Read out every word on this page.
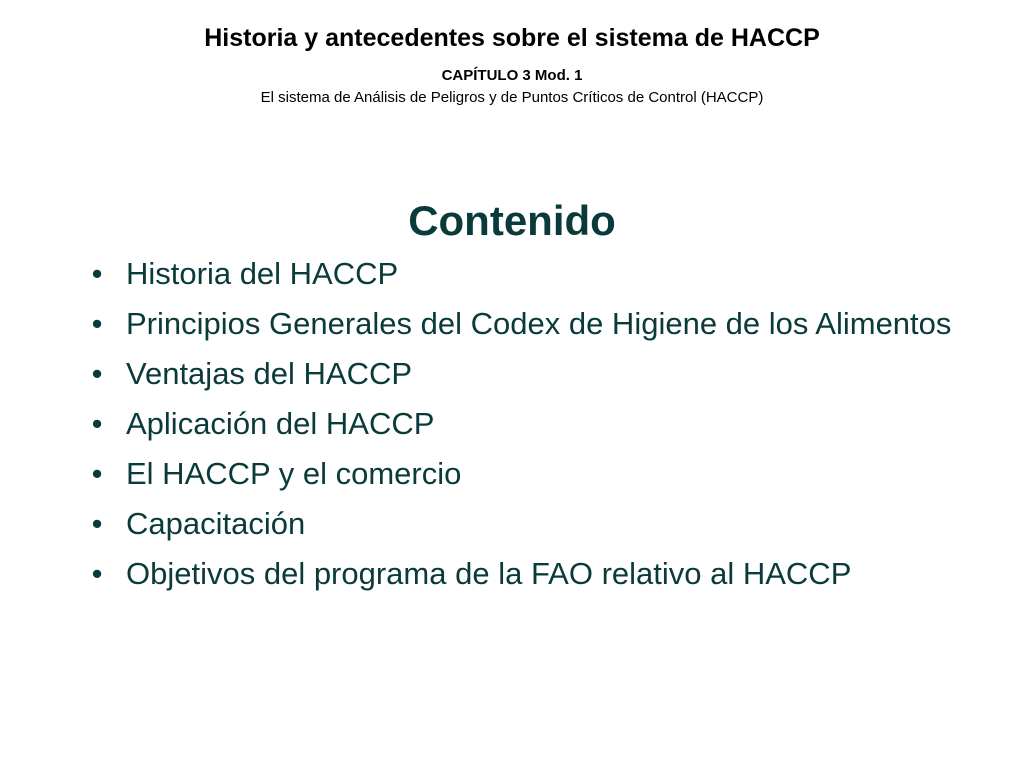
Historia y antecedentes sobre el sistema de HACCP
CAPÍTULO 3 Mod. 1
El sistema de Análisis de Peligros y de Puntos Críticos de Control (HACCP)
Contenido
• Historia del HACCP
• Principios Generales del Codex de Higiene de los Alimentos
• Ventajas del HACCP
• Aplicación del HACCP
• El HACCP y el comercio
• Capacitación
• Objetivos del programa de la FAO relativo al HACCP
